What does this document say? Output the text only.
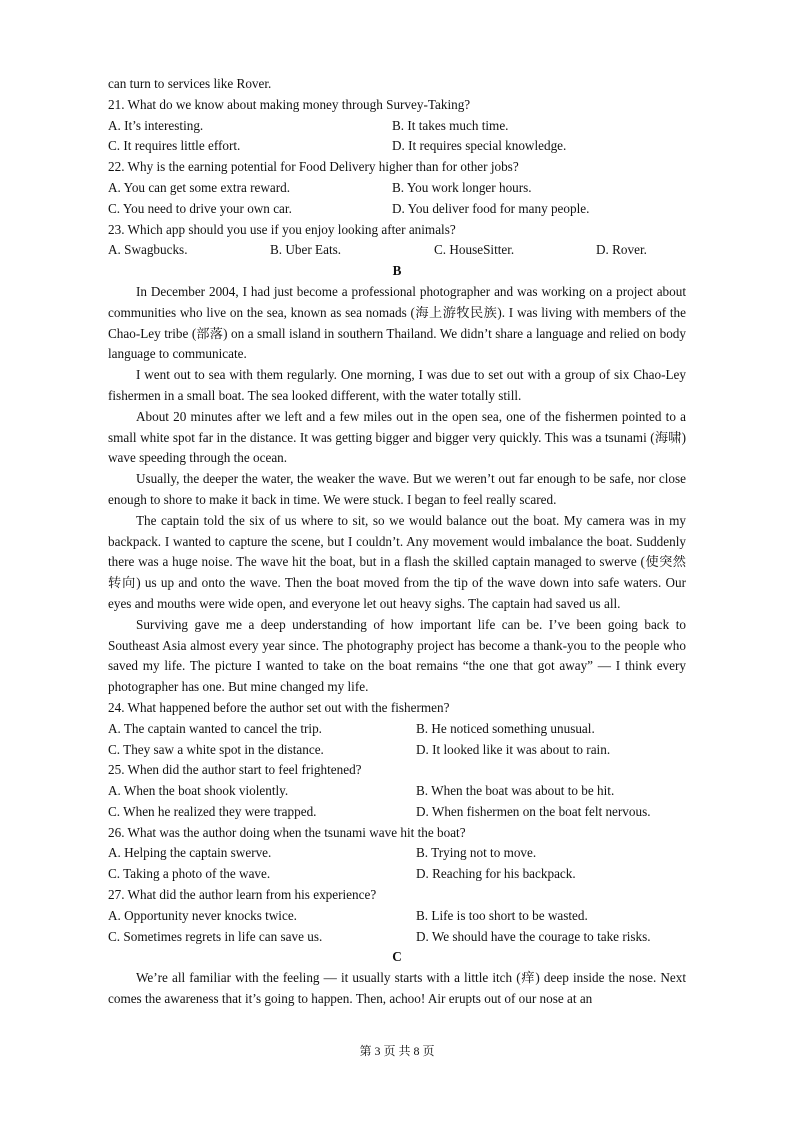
can turn to services like Rover.
21. What do we know about making money through Survey-Taking?
A. It’s interesting.	B. It takes much time.
C. It requires little effort.	D. It requires special knowledge.
22. Why is the earning potential for Food Delivery higher than for other jobs?
A. You can get some extra reward.	B. You work longer hours.
C. You need to drive your own car.	D. You deliver food for many people.
23. Which app should you use if you enjoy looking after animals?
A. Swagbucks.	B. Uber Eats.	C. HouseSitter.	D. Rover.
B

In December 2004, I had just become a professional photographer and was working on a project about communities who live on the sea, known as sea nomads (海上游牧民族). I was living with members of the Chao-Ley tribe (部落) on a small island in southern Thailand. We didn’t share a language and relied on body language to communicate.

I went out to sea with them regularly. One morning, I was due to set out with a group of six Chao-Ley fishermen in a small boat. The sea looked different, with the water totally still.

About 20 minutes after we left and a few miles out in the open sea, one of the fishermen pointed to a small white spot far in the distance. It was getting bigger and bigger very quickly. This was a tsunami (海啸) wave speeding through the ocean.

Usually, the deeper the water, the weaker the wave. But we weren’t out far enough to be safe, nor close enough to shore to make it back in time. We were stuck. I began to feel really scared.

The captain told the six of us where to sit, so we would balance out the boat. My camera was in my backpack. I wanted to capture the scene, but I couldn’t. Any movement would imbalance the boat. Suddenly there was a huge noise. The wave hit the boat, but in a flash the skilled captain managed to swerve (使突然转向) us up and onto the wave. Then the boat moved from the tip of the wave down into safe waters. Our eyes and mouths were wide open, and everyone let out heavy sighs. The captain had saved us all.

Surviving gave me a deep understanding of how important life can be. I’ve been going back to Southeast Asia almost every year since. The photography project has become a thank-you to the people who saved my life. The picture I wanted to take on the boat remains “the one that got away” — I think every photographer has one. But mine changed my life.

24. What happened before the author set out with the fishermen?
A. The captain wanted to cancel the trip.	B. He noticed something unusual.
C. They saw a white spot in the distance.	D. It looked like it was about to rain.
25. When did the author start to feel frightened?
A. When the boat shook violently.	B. When the boat was about to be hit.
C. When he realized they were trapped.	D. When fishermen on the boat felt nervous.
26. What was the author doing when the tsunami wave hit the boat?
A. Helping the captain swerve.	B. Trying not to move.
C. Taking a photo of the wave.	D. Reaching for his backpack.
27. What did the author learn from his experience?
A. Opportunity never knocks twice.	B. Life is too short to be wasted.
C. Sometimes regrets in life can save us.	D. We should have the courage to take risks.
C

We’re all familiar with the feeling — it usually starts with a little itch (痒) deep inside the nose. Next comes the awareness that it’s going to happen. Then, achoo! Air erupts out of our nose at an

第 3 页 共 8 页
